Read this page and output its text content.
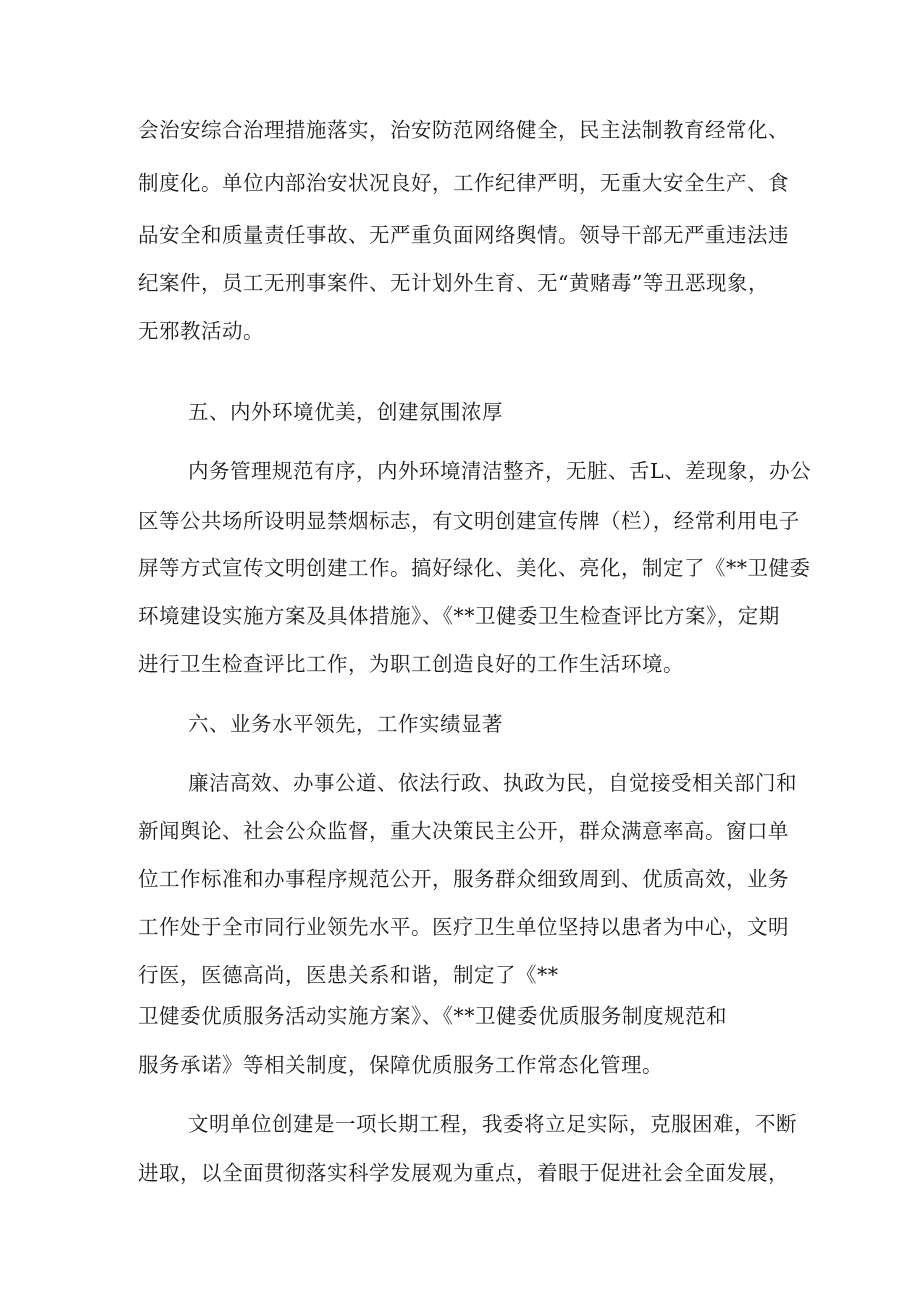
会治安综合治理措施落实，治安防范网络健全，民主法制教育经常化、
制度化。单位内部治安状况良好，工作纪律严明，无重大安全生产、食
品安全和质量责任事故、无严重负面网络舆情。领导干部无严重违法违
纪案件，员工无刑事案件、无计划外生育、无“黄赌毒”等丑恶现象，
无邪教活动。
五、内外环境优美，创建氛围浓厚
内务管理规范有序，内外环境清洁整齐，无脏、舌L、差现象，办公
区等公共场所设明显禁烟标志，有文明创建宣传牌（栏），经常利用电子
屏等方式宣传文明创建工作。搞好绿化、美化、亮化，制定了《**卫健委
环境建设实施方案及具体措施》、《**卫健委卫生检查评比方案》，定期
进行卫生检查评比工作，为职工创造良好的工作生活环境。
六、业务水平领先，工作实绩显著
廉洁高效、办事公道、依法行政、执政为民，自觉接受相关部门和
新闻舆论、社会公众监督，重大决策民主公开，群众满意率高。窗口单
位工作标准和办事程序规范公开，服务群众细致周到、优质高效，业务
工作处于全市同行业领先水平。医疗卫生单位坚持以患者为中心，文明
行医，医德高尚，医患关系和谐，制定了《**
卫健委优质服务活动实施方案》、《**卫健委优质服务制度规范和
服务承诺》等相关制度，保障优质服务工作常态化管理。
文明单位创建是一项长期工程，我委将立足实际，克服困难，不断
进取，以全面贯彻落实科学发展观为重点，着眼于促进社会全面发展，
